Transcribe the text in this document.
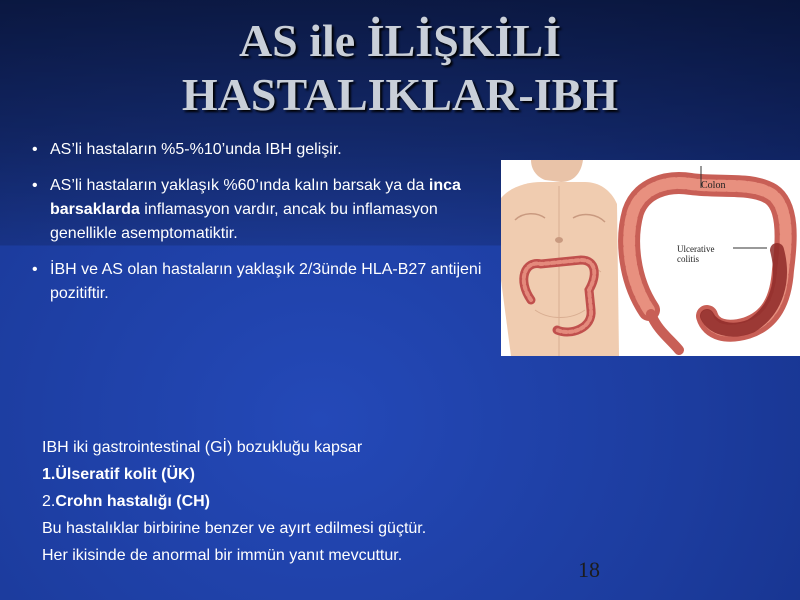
AS ile İLİŞKİLİ
HASTALIKLAR-IBH
• AS’li hastaların %5-%10’unda IBH gelişir.
• AS’li hastaların yaklaşık %60’ında kalın barsak ya da inca barsaklarda inflamasyon vardır, ancak bu inflamasyon genellikle asemptomatiktir.
• İBH ve AS olan hastaların yaklaşık 2/3ünde HLA-B27 antijeni pozitiftir.
Colon
Ulcerative
colitis
IBH iki gastrointestinal (Gİ) bozukluğu kapsar
1.Ülseratif kolit (ÜK)
2.Crohn hastalığı (CH)
Bu hastalıklar birbirine benzer ve ayırt edilmesi güçtür.
Her ikisinde de anormal bir immün yanıt mevcuttur.
18
